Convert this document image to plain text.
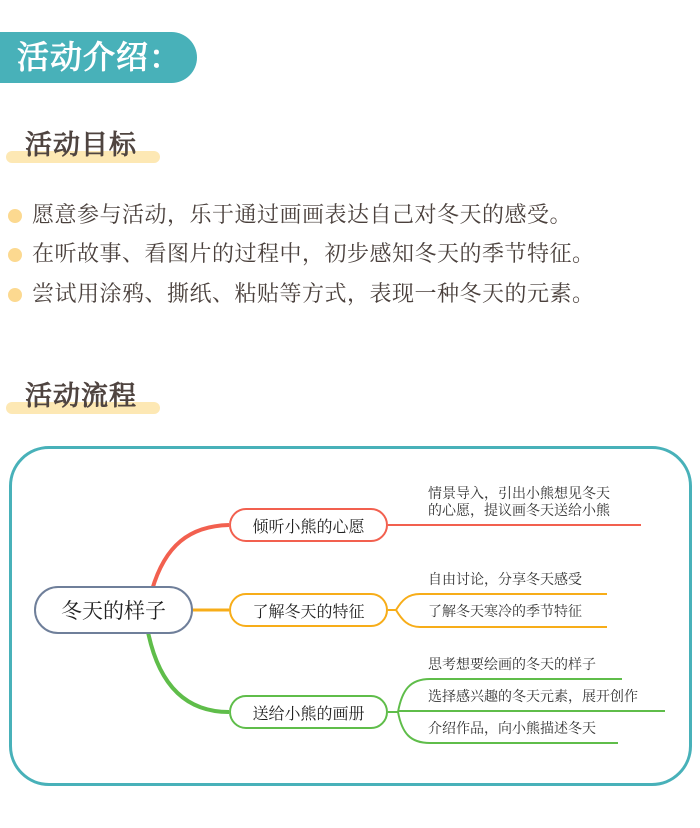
活动介绍：
活动目标
愿意参与活动，乐于通过画画表达自己对冬天的感受。
在听故事、看图片的过程中，初步感知冬天的季节特征。
尝试用涂鸦、撕纸、粘贴等方式，表现一种冬天的元素。
活动流程
冬天的样子
倾听小熊的心愿
了解冬天的特征
送给小熊的画册
情景导入，引出小熊想见冬天
的心愿，提议画冬天送给小熊
自由讨论，分享冬天感受
了解冬天寒冷的季节特征
思考想要绘画的冬天的样子
选择感兴趣的冬天元素，展开创作
介绍作品，向小熊描述冬天
